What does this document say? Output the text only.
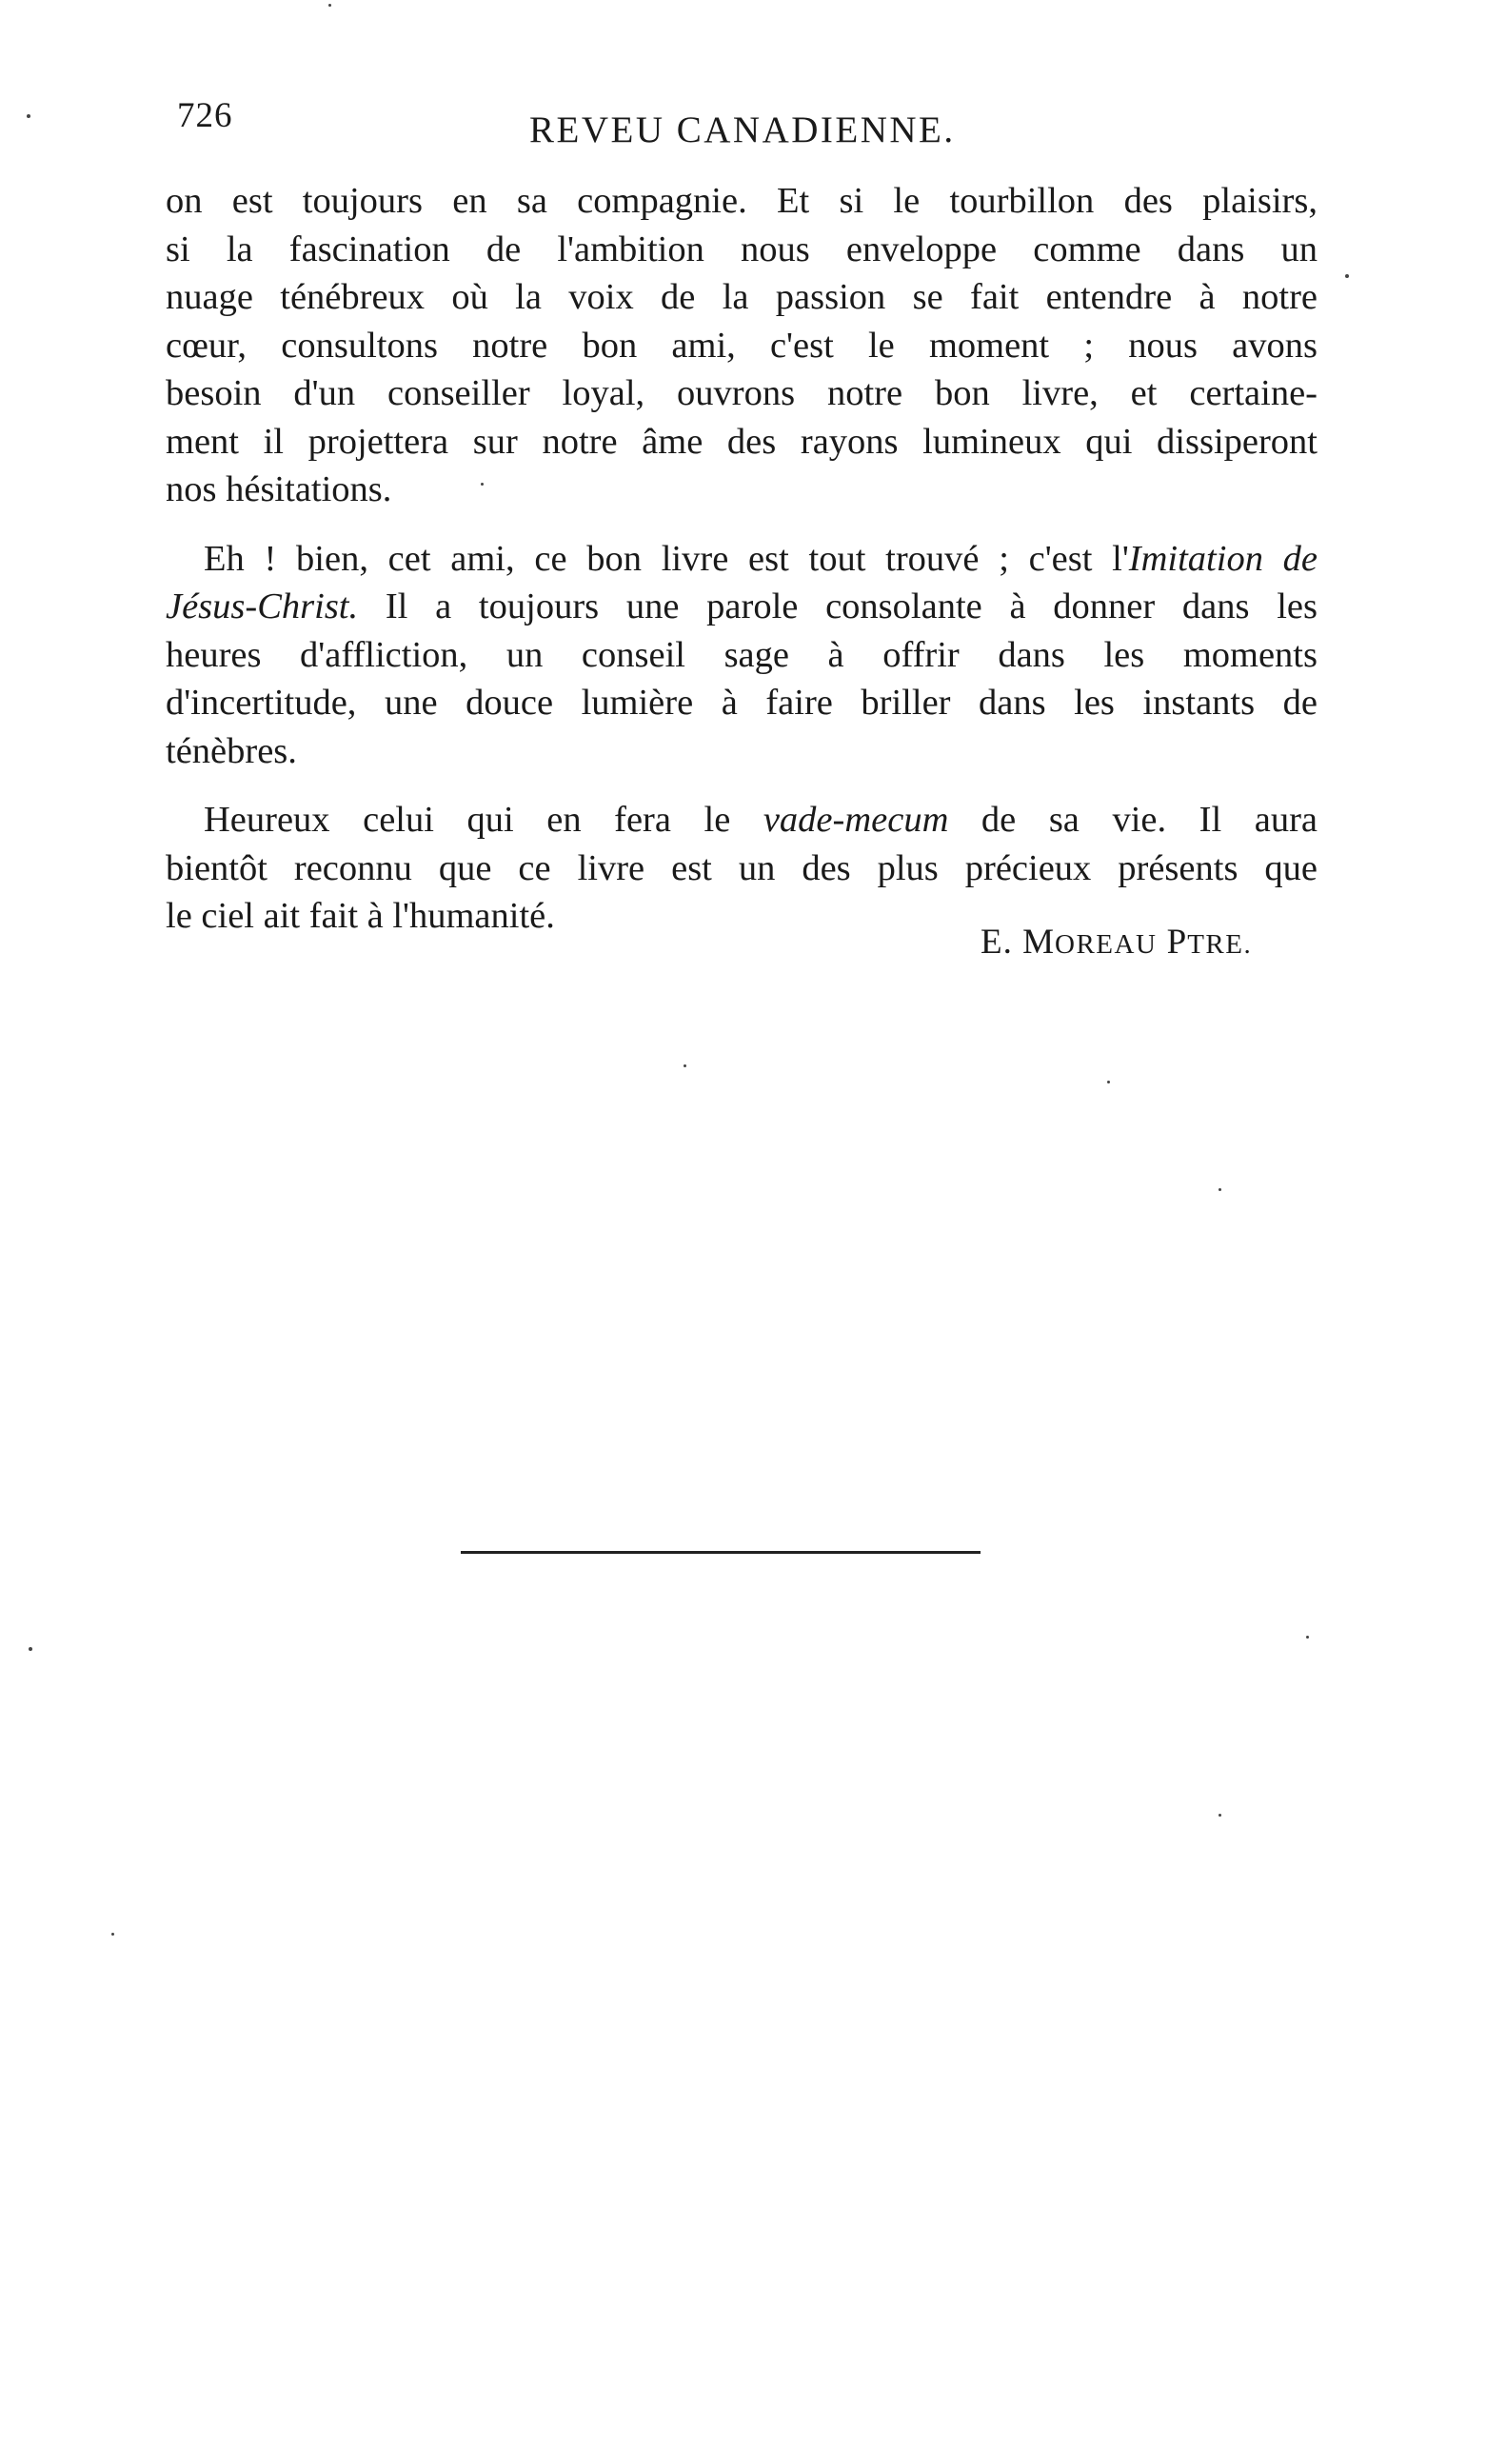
726	REVEU CANADIENNE.
on est toujours en sa compagnie. Et si le tourbillon des plaisirs,
si la fascination de l'ambition nous enveloppe comme dans un
nuage ténébreux où la voix de la passion se fait entendre à notre
cœur, consultons notre bon ami, c'est le moment ; nous avons
besoin d'un conseiller loyal, ouvrons notre bon livre, et certaine-
ment il projettera sur notre âme des rayons lumineux qui dissiperont
nos hésitations.
Eh ! bien, cet ami, ce bon livre est tout trouvé ; c'est l'Imitation de
Jésus-Christ. Il a toujours une parole consolante à donner dans les
heures d'affliction, un conseil sage à offrir dans les moments
d'incertitude, une douce lumière à faire briller dans les instants de
ténèbres.
Heureux celui qui en fera le vade-mecum de sa vie. Il aura
bientôt reconnu que ce livre est un des plus précieux présents que
le ciel ait fait à l'humanité.
E. MOREAU PTRE.
